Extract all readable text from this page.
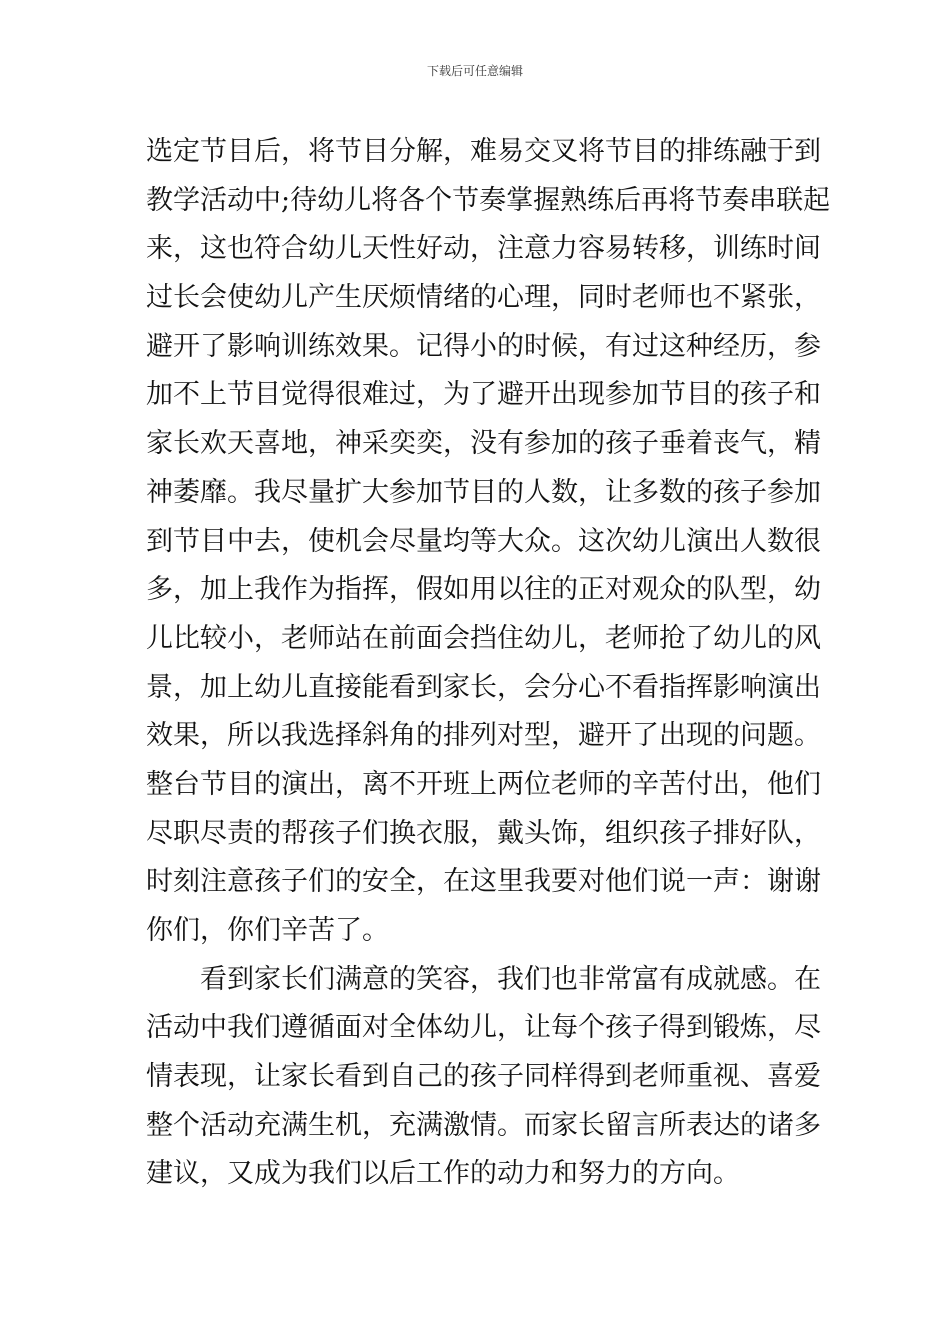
下载后可任意编辑
选定节目后，将节目分解，难易交叉将节目的排练融于到
教学活动中;待幼儿将各个节奏掌握熟练后再将节奏串联起
来，这也符合幼儿天性好动，注意力容易转移，训练时间
过长会使幼儿产生厌烦情绪的心理，同时老师也不紧张，
避开了影响训练效果。记得小的时候，有过这种经历，参
加不上节目觉得很难过，为了避开出现参加节目的孩子和
家长欢天喜地，神采奕奕，没有参加的孩子垂着丧气，精
神萎靡。我尽量扩大参加节目的人数，让多数的孩子参加
到节目中去，使机会尽量均等大众。这次幼儿演出人数很
多，加上我作为指挥，假如用以往的正对观众的队型，幼
儿比较小，老师站在前面会挡住幼儿，老师抢了幼儿的风
景，加上幼儿直接能看到家长，会分心不看指挥影响演出
效果，所以我选择斜角的排列对型，避开了出现的问题。
整台节目的演出，离不开班上两位老师的辛苦付出，他们
尽职尽责的帮孩子们换衣服，戴头饰，组织孩子排好队，
时刻注意孩子们的安全，在这里我要对他们说一声：谢谢
你们，你们辛苦了。
看到家长们满意的笑容，我们也非常富有成就感。在
活动中我们遵循面对全体幼儿，让每个孩子得到锻炼，尽
情表现，让家长看到自己的孩子同样得到老师重视、喜爱
整个活动充满生机，充满激情。而家长留言所表达的诸多
建议，又成为我们以后工作的动力和努力的方向。
